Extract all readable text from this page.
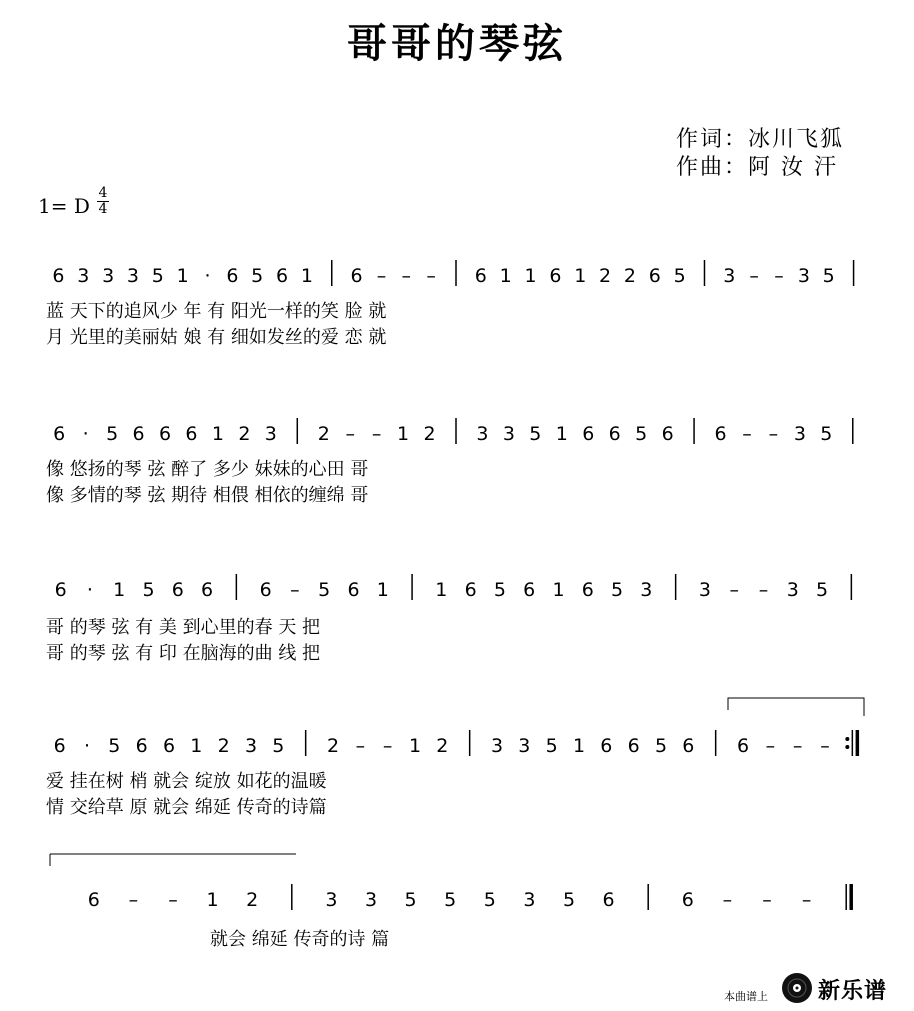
哥哥的琴弦
作词：冰川飞狐
作曲：阿 汝 汗
1= D
4
4
6 3 3 3 5 1 · 6 5 6 1 6 – – – 6 1 1 6 1 2 2 6 5 3 – – 3 5
6 · 5 6 6 6 1 2 3 2 – – 1 2 3 3 5 1 6 6 5 6 6 – – 3 5
6 · 1 5 6 6 6 – 5 6 1 1 6 5 6 1 6 5 3 3 – – 3 5
6 · 5 6 6 1 2 3 5 2 – – 1 2 3 3 5 1 6 6 5 6 6 – – –
6 – – 1 2	3 3 5 5 5 3 5 6	6 – – –
蓝 天下的追风少 年 有 阳光一样的笑 脸 就
月 光里的美丽姑 娘 有 细如发丝的爱 恋 就
像 悠扬的琴 弦 醉了 多少 妹妹的心田 哥
像 多情的琴 弦 期待 相偎 相依的缠绵 哥
哥 的琴 弦 有 美 到心里的春 天 把
哥 的琴 弦 有 印 在脑海的曲 线 把
爱 挂在树 梢 就会 绽放 如花的温暖
情 交给草 原 就会 绵延 传奇的诗篇
就会 绵延 传奇的诗 篇
本曲谱上 新乐谱
